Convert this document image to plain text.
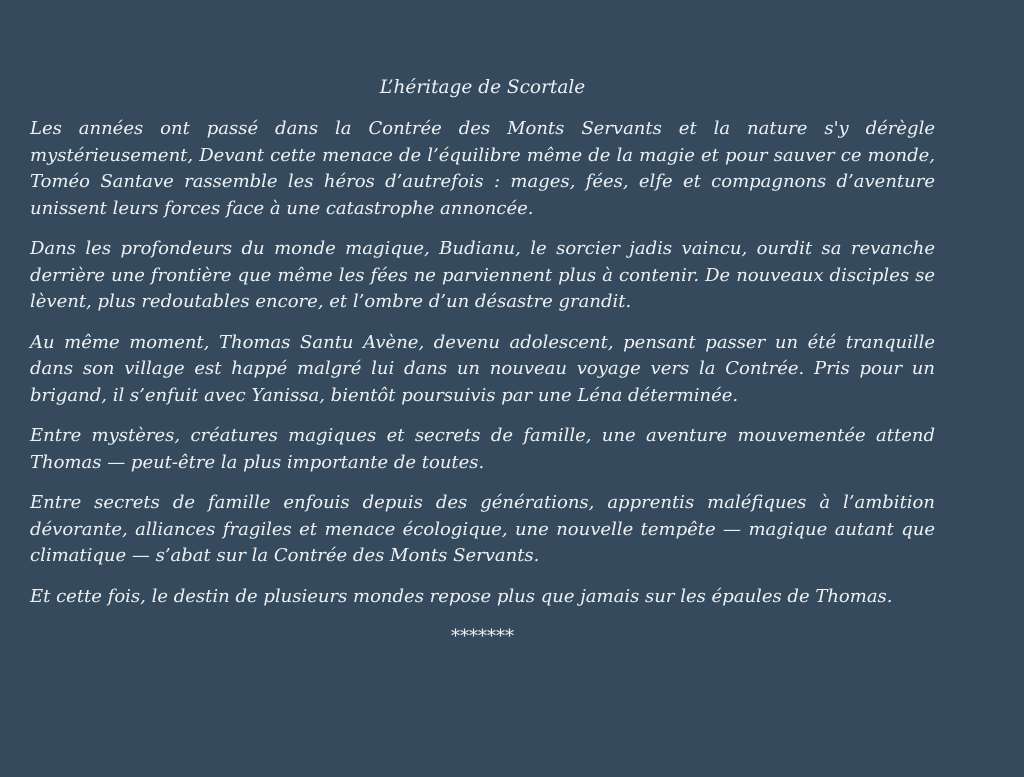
L’héritage de Scortale

Les années ont passé dans la Contrée des Monts Servants et la nature s'y dérègle mystérieusement, Devant cette menace de l’équilibre même de la magie et pour sauver ce monde, Toméo Santave rassemble les héros d’autrefois : mages, fées, elfe et compagnons d’aventure unissent leurs forces face à une catastrophe annoncée.

Dans les profondeurs du monde magique, Budianu, le sorcier jadis vaincu, ourdit sa revanche derrière une frontière que même les fées ne parviennent plus à contenir. De nouveaux disciples se lèvent, plus redoutables encore, et l’ombre d’un désastre grandit.

Au même moment, Thomas Santu Avène, devenu adolescent, pensant passer un été tranquille dans son village est happé malgré lui dans un nouveau voyage vers la Contrée. Pris pour un brigand, il s’enfuit avec Yanissa, bientôt poursuivis par une Léna déterminée.

Entre mystères, créatures magiques et secrets de famille, une aventure mouvementée attend Thomas — peut-être la plus importante de toutes.

Entre secrets de famille enfouis depuis des générations, apprentis maléfiques à l’ambition dévorante, alliances fragiles et menace écologique, une nouvelle tempête — magique autant que climatique — s’abat sur la Contrée des Monts Servants.

Et cette fois, le destin de plusieurs mondes repose plus que jamais sur les épaules de Thomas.

*******
